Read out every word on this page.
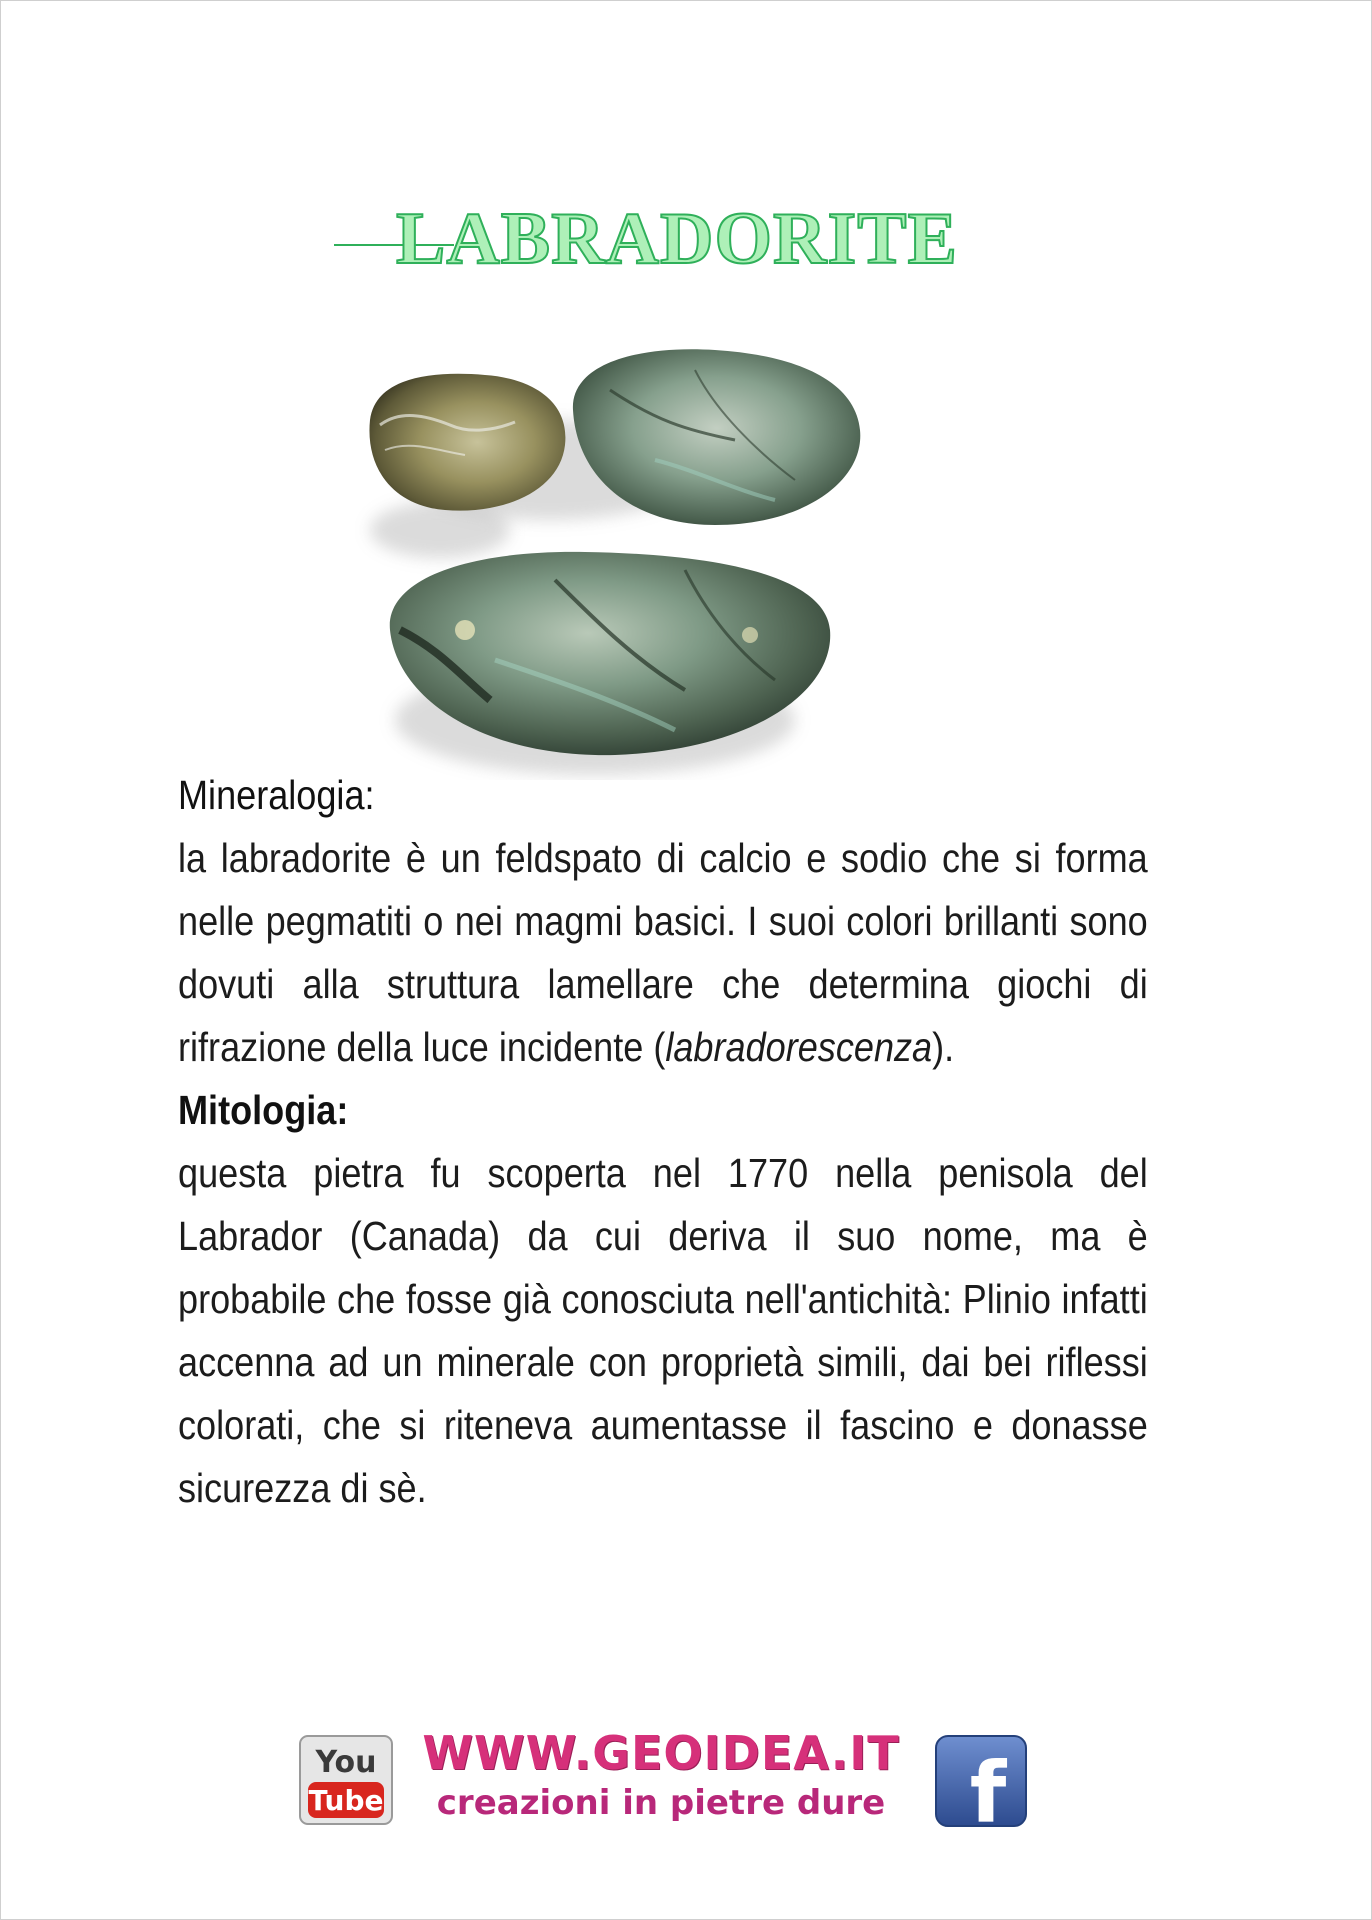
LABRADORITE
Mineralogia:
la labradorite è un feldspato di calcio e sodio che si forma nelle pegmatiti o nei magmi basici. I suoi colori brillanti sono dovuti alla struttura lamellare che determina giochi di rifrazione della luce incidente (labradorescenza).
Mitologia:
questa pietra fu scoperta nel 1770 nella penisola del Labrador (Canada) da cui deriva il suo nome, ma è probabile che fosse già conosciuta nell'antichità: Plinio infatti accenna ad un minerale con proprietà simili, dai bei riflessi colorati, che si riteneva aumentasse il fascino e donasse sicurezza di sè.
You
Tube
WWW.GEOIDEA.IT
creazioni in pietre dure	f
